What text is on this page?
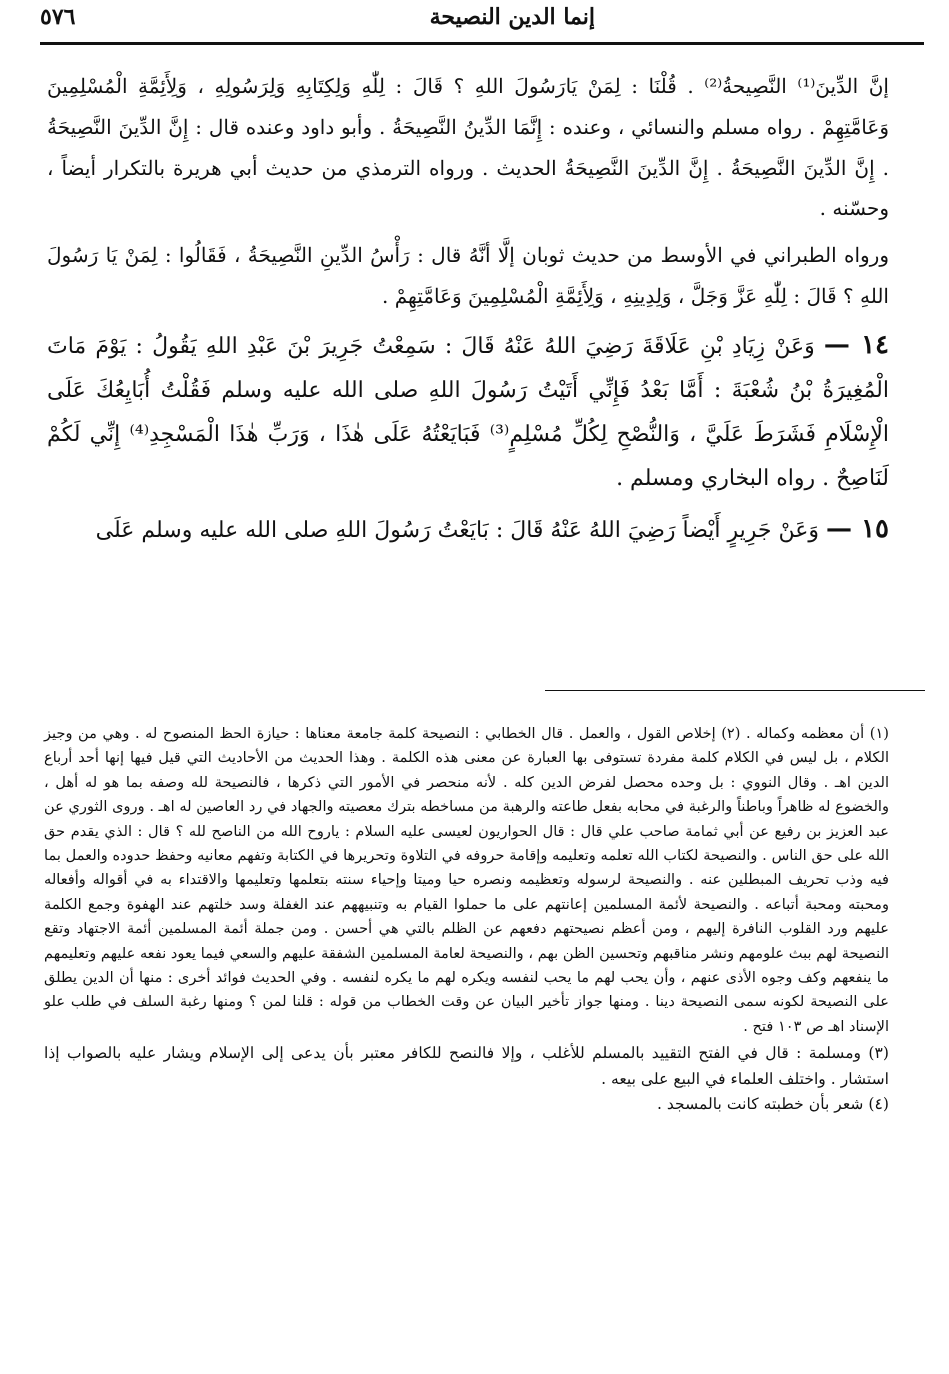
إنما الدين النصيحة
٥٧٦

إنَّ الدِّينَ⁽¹⁾ النَّصِيحةُ⁽²⁾ . قُلْنَا : لِمَنْ يَارَسُولَ اللهِ ؟ قَالَ : لِلّٰهِ وَلِكِتَابِهِ وَلِرَسُولِهِ ، وَلِأَئِمَّةِ الْمُسْلِمِينَ وَعَامَّتِهِمْ . رواه مسلم والنسائي ، وعنده : إِنَّمَا الدِّينُ النَّصِيحَةُ . وأبو داود وعنده قال : إِنَّ الدِّينَ النَّصِيحَةُ . إِنَّ الدِّينَ النَّصِيحَةُ . إِنَّ الدِّينَ النَّصِيحَةُ الحديث . ورواه الترمذي من حديث أبي هريرة بالتكرار أيضاً ، وحسّنه .

ورواه الطبراني في الأوسط من حديث ثوبان إلَّا أنَّهُ قال : رَأْسُ الدِّينِ النَّصِيحَةُ ، فَقَالُوا : لِمَنْ يَا رَسُولَ اللهِ ؟ قَالَ : لِلّٰهِ عَزَّ وَجَلَّ ، وَلِدِينِهِ ، وَلِأَئِمَّةِ الْمُسْلِمِينَ وَعَامَّتِهِمْ .

١٤ — وَعَنْ زِيَادِ بْنِ عَلَاقَةَ رَضِيَ اللهُ عَنْهُ قَالَ : سَمِعْتُ جَرِيرَ بْنَ عَبْدِ اللهِ يَقُولُ : يَوْمَ مَاتَ الْمُغِيرَةُ بْنُ شُعْبَةَ : أَمَّا بَعْدُ فَإِنِّي أَتَيْتُ رَسُولَ اللهِ صلى الله عليه وسلم فَقُلْتُ أُبَايِعُكَ عَلَى الْإِسْلَامِ فَشَرَطَ عَلَيَّ ، وَالنُّصْحِ لِكُلِّ مُسْلِمٍ⁽³⁾ فَبَايَعْتُهُ عَلَى هٰذَا ، وَرَبِّ هٰذَا الْمَسْجِدِ⁽⁴⁾ إِنِّي لَكُمْ لَنَاصِحٌ . رواه البخاري ومسلم .

١٥ — وَعَنْ جَرِيرٍ أَيْضاً رَضِيَ اللهُ عَنْهُ قَالَ : بَايَعْتُ رَسُولَ اللهِ صلى الله عليه وسلم عَلَى

(١) أن معظمه وكماله . (٢) إخلاص القول ، والعمل . قال الخطابي : النصيحة كلمة جامعة معناها : حيازة الحظ المنصوح له . وهي من وجيز الكلام ، بل ليس في الكلام كلمة مفردة تستوفى بها العبارة عن معنى هذه الكلمة . وهذا الحديث من الأحاديث التي قيل فيها إنها أحد أرباع الدين اهـ . وقال النووي : بل وحده محصل لفرض الدين كله . لأنه منحصر في الأمور التي ذكرها ، فالنصيحة لله وصفه بما هو له أهل ، والخضوع له ظاهراً وباطناً والرغبة في محابه بفعل طاعته والرهبة من مساخطه بترك معصيته والجهاد في رد العاصين له اهـ . وروى الثوري عن عبد العزيز بن رفيع عن أبي ثمامة صاحب علي قال : قال الحواريون لعيسى عليه السلام : ياروح الله من الناصح لله ؟ قال : الذي يقدم حق الله على حق الناس . والنصيحة لكتاب الله تعلمه وتعليمه وإقامة حروفه في التلاوة وتحريرها في الكتابة وتفهم معانيه وحفظ حدوده والعمل بما فيه وذب تحريف المبطلين عنه . والنصيحة لرسوله وتعظيمه ونصره حيا وميتا وإحياء سنته بتعلمها وتعليمها والاقتداء به في أقواله وأفعاله ومحبته ومحبة أتباعه . والنصيحة لأئمة المسلمين إعانتهم على ما حملوا القيام به وتنبيههم عند الغفلة وسد خلتهم عند الهفوة وجمع الكلمة عليهم ورد القلوب النافرة إليهم ، ومن أعظم نصيحتهم دفعهم عن الظلم بالتي هي أحسن . ومن جملة أئمة المسلمين أئمة الاجتهاد وتقع النصيحة لهم ببث علومهم ونشر مناقبهم وتحسين الظن بهم ، والنصيحة لعامة المسلمين الشفقة عليهم والسعي فيما يعود نفعه عليهم وتعليمهم ما ينفعهم وكف وجوه الأذى عنهم ، وأن يحب لهم ما يحب لنفسه ويكره لهم ما يكره لنفسه . وفي الحديث فوائد أخرى : منها أن الدين يطلق على النصيحة لكونه سمى النصيحة دينا . ومنها جواز تأخير البيان عن وقت الخطاب من قوله : قلنا لمن ؟ ومنها رغبة السلف في طلب علو الإسناد اهـ ص ١٠٣ فتح .

(٣) ومسلمة : قال في الفتح التقييد بالمسلم للأغلب ، وإلا فالنصح للكافر معتبر بأن يدعى إلى الإسلام ويشار عليه بالصواب إذا استشار . واختلف العلماء في البيع على بيعه .

(٤) شعر بأن خطبته كانت بالمسجد .
